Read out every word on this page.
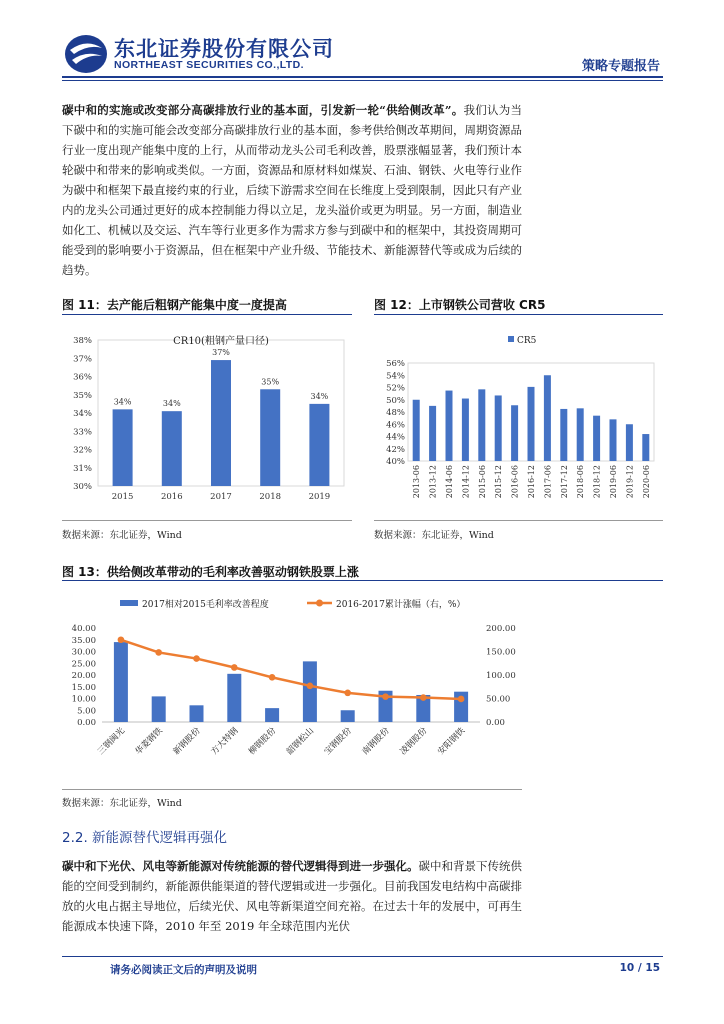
东北证券股份有限公司
NORTHEAST SECURITIES CO.,LTD.	策略专题报告
碳中和的实施或改变部分高碳排放行业的基本面，引发新一轮“供给侧改革”。我们认为当下碳中和的实施可能会改变部分高碳排放行业的基本面，参考供给侧改革期间，周期资源品行业一度出现产能集中度的上行，从而带动龙头公司毛利改善，股票涨幅显著，我们预计本轮碳中和带来的影响或类似。一方面，资源品和原材料如煤炭、石油、钢铁、火电等行业作为碳中和框架下最直接约束的行业，后续下游需求空间在长维度上受到限制，因此只有产业内的龙头公司通过更好的成本控制能力得以立足，龙头溢价或更为明显。另一方面，制造业如化工、机械以及交运、汽车等行业更多作为需求方参与到碳中和的框架中，其投资周期可能受到的影响要小于资源品，但在框架中产业升级、节能技术、新能源替代等或成为后续的趋势。
图 11：去产能后粗钢产能集中度一度提高
30%
31%
32%
33%
34%
35%
36%
37%
38%	CR10(粗钢产量口径)
34%
2015
34%
2016
37%
2017
35%
2018
34%
2019
数据来源：东北证券，Wind
图 12：上市钢铁公司营收 CR5
40%
42%
44%
46%
48%
50%
52%
54%
56%
CR5
2013-06 2013-12 2014-06 2014-12 2015-06 2015-12 2016-06 2016-12 2017-06 2017-12 2018-06 2018-12 2019-06 2019-12 2020-06
数据来源：东北证券，Wind
图 13：供给侧改革带动的毛利率改善驱动钢铁股票上涨
2017相对2015毛利率改善程度	2016-2017累计涨幅（右，%）
0.00
5.00
10.00
15.00
20.00
25.00
30.00
35.00
40.00
0.00
50.00
100.00
150.00
200.00
三钢闽光 华菱钢铁 新钢股份 方大特钢 柳钢股份 韶钢松山 宝钢股份 南钢股份 凌钢股份 安阳钢铁
数据来源：东北证券，Wind
2.2. 新能源替代逻辑再强化
碳中和下光伏、风电等新能源对传统能源的替代逻辑得到进一步强化。碳中和背景下传统供能的空间受到制约，新能源供能渠道的替代逻辑或进一步强化。目前我国发电结构中高碳排放的火电占据主导地位，后续光伏、风电等新渠道空间充裕。在过去十年的发展中，可再生能源成本快速下降，2010 年至 2019 年全球范围内光伏
请务必阅读正文后的声明及说明	10 / 15
